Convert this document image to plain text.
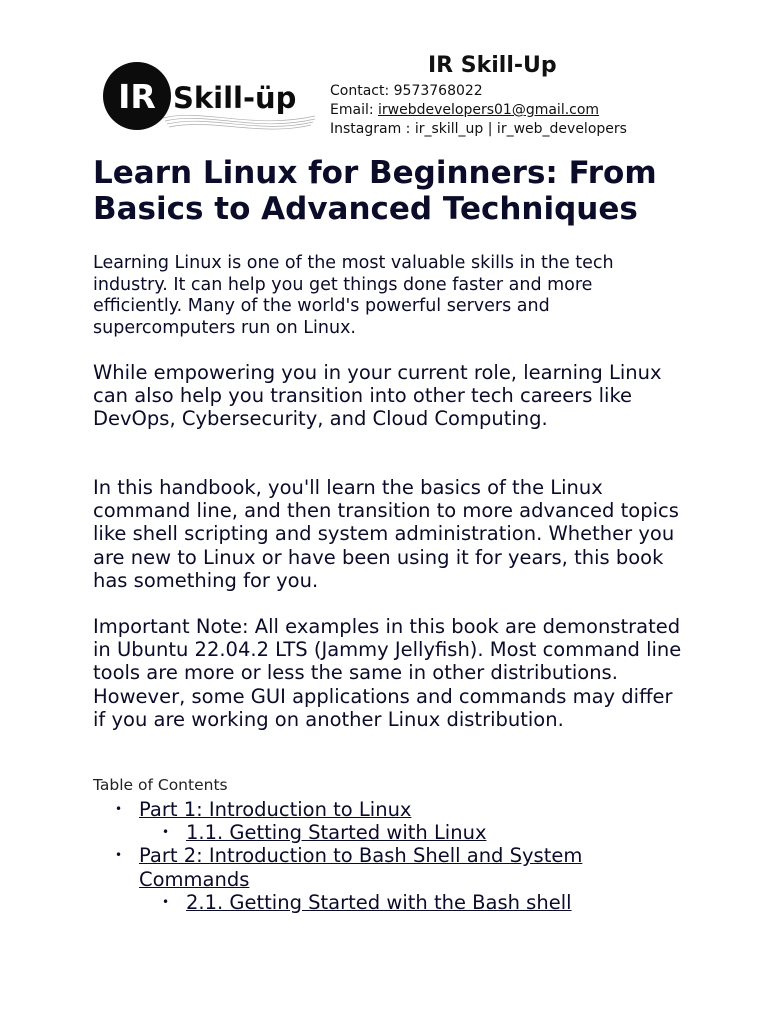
IR Skill-üp

IR Skill-Up

Contact: 9573768022
Email: irwebdevelopers01@gmail.com
Instagram : ir_skill_up | ir_web_developers
Learn Linux for Beginners: From Basics to Advanced Techniques

Learning Linux is one of the most valuable skills in the tech industry. It can help you get things done faster and more efficiently. Many of the world's powerful servers and supercomputers run on Linux.

While empowering you in your current role, learning Linux can also help you transition into other tech careers like DevOps, Cybersecurity, and Cloud Computing.

In this handbook, you'll learn the basics of the Linux command line, and then transition to more advanced topics like shell scripting and system administration. Whether you are new to Linux or have been using it for years, this book has something for you.

Important Note: All examples in this book are demonstrated in Ubuntu 22.04.2 LTS (Jammy Jellyfish). Most command line tools are more or less the same in other distributions. However, some GUI applications and commands may differ if you are working on another Linux distribution.

Table of Contents
• Part 1: Introduction to Linux
• 1.1. Getting Started with Linux
• Part 2: Introduction to Bash Shell and System Commands
• 2.1. Getting Started with the Bash shell
